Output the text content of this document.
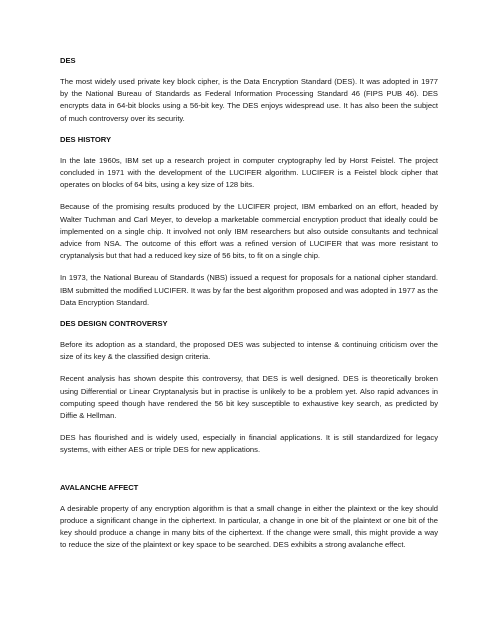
DES

The most widely used private key block cipher, is the Data Encryption Standard (DES). It was adopted in 1977 by the National Bureau of Standards as Federal Information Processing Standard 46 (FIPS PUB 46). DES encrypts data in 64-bit blocks using a 56-bit key. The DES enjoys widespread use. It has also been the subject of much controversy over its security.

DES HISTORY

In the late 1960s, IBM set up a research project in computer cryptography led by Horst Feistel. The project concluded in 1971 with the development of the LUCIFER algorithm. LUCIFER is a Feistel block cipher that operates on blocks of 64 bits, using a key size of 128 bits.

Because of the promising results produced by the LUCIFER project, IBM embarked on an effort, headed by Walter Tuchman and Carl Meyer, to develop a marketable commercial encryption product that ideally could be implemented on a single chip. It involved not only IBM researchers but also outside consultants and technical advice from NSA. The outcome of this effort was a refined version of LUCIFER that was more resistant to cryptanalysis but that had a reduced key size of 56 bits, to fit on a single chip.

In 1973, the National Bureau of Standards (NBS) issued a request for proposals for a national cipher standard. IBM submitted the modified LUCIFER. It was by far the best algorithm proposed and was adopted in 1977 as the Data Encryption Standard.

DES DESIGN CONTROVERSY

Before its adoption as a standard, the proposed DES was subjected to intense & continuing criticism over the size of its key & the classified design criteria.

Recent analysis has shown despite this controversy, that DES is well designed. DES is theoretically broken using Differential or Linear Cryptanalysis but in practise is unlikely to be a problem yet. Also rapid advances in computing speed though have rendered the 56 bit key susceptible to exhaustive key search, as predicted by Diffie & Hellman.

DES has flourished and is widely used, especially in financial applications. It is still standardized for legacy systems, with either AES or triple DES for new applications.

AVALANCHE AFFECT

A desirable property of any encryption algorithm is that a small change in either the plaintext or the key should produce a significant change in the ciphertext. In particular, a change in one bit of the plaintext or one bit of the key should produce a change in many bits of the ciphertext. If the change were small, this might provide a way to reduce the size of the plaintext or key space to be searched. DES exhibits a strong avalanche effect.
